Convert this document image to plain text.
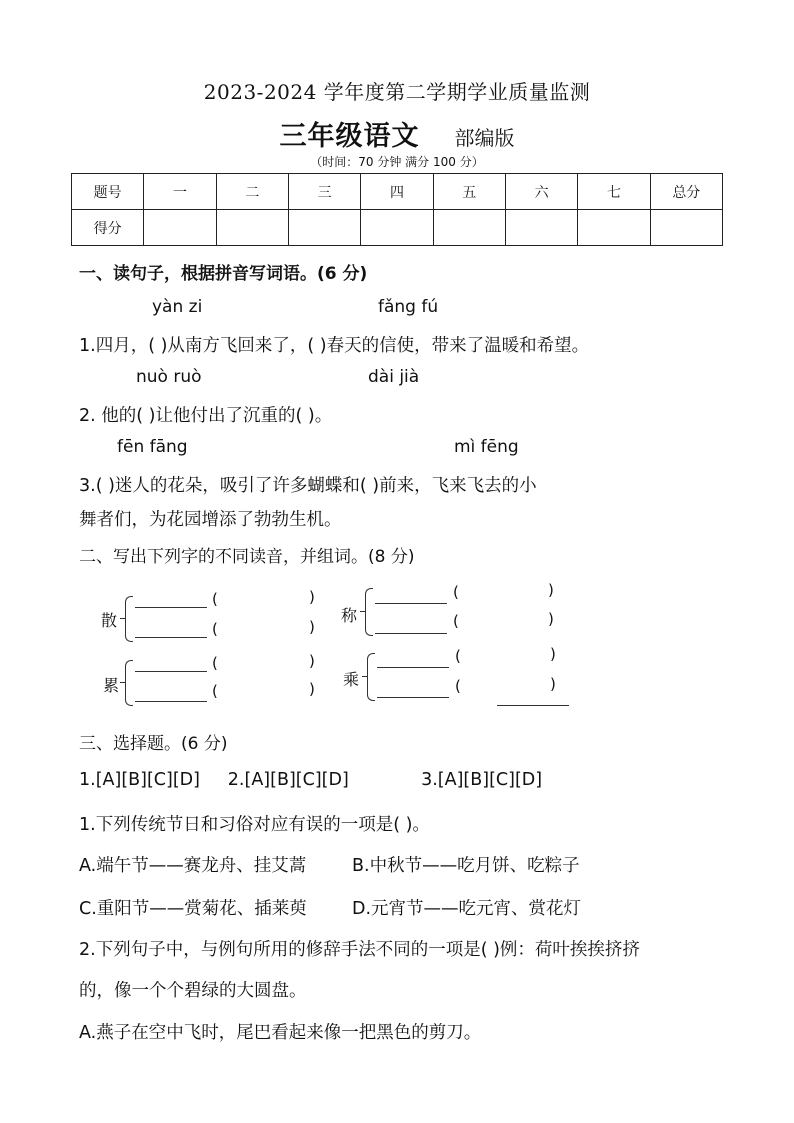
2023-2024 学年度第二学期学业质量监测
三年级语文 部编版
（时间：70 分钟 满分 100 分）
题号	一	二	三	四	五	六	七	总分
得分								
一、读句子，根据拼音写词语。(6 分)
yàn zi	fǎng fú
1.四月，( )从南方飞回来了，( )春天的信使，带来了温暖和希望。
nuò ruò	dài jià
2. 他的( )让他付出了沉重的( )。
fēn fāng	mì fēng
3.( )迷人的花朵，吸引了许多蝴蝶和( )前来，飞来飞去的小
舞者们，为花园增添了勃勃生机。
二、写出下列字的不同读音，并组词。(8 分)
散
(	)
(	)
称
(	)
(	)
累
(	)
(	) 乘
(	)
(	)
三、选择题。(6 分)
1.[A][B][C][D]     2.[A][B][C][D]             3.[A][B][C][D]
1.下列传统节日和习俗对应有误的一项是( )。
A.端午节——赛龙舟、挂艾蒿	B.中秋节——吃月饼、吃粽子
C.重阳节——赏菊花、插莱萸	D.元宵节——吃元宵、赏花灯
2.下列句子中，与例句所用的修辞手法不同的一项是( )例：荷叶挨挨挤挤
的，像一个个碧绿的大圆盘。
A.燕子在空中飞时，尾巴看起来像一把黑色的剪刀。
